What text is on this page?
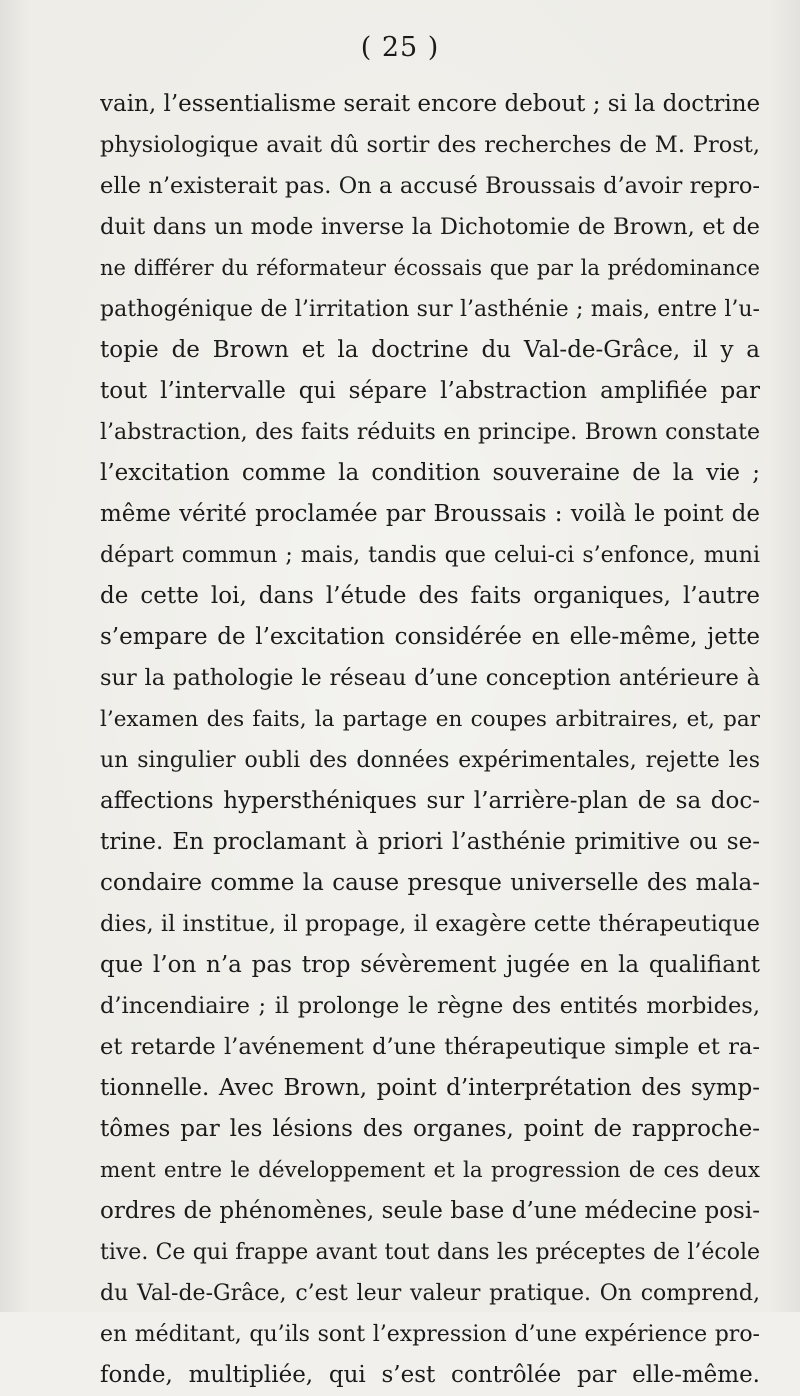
( 25 )
vain, l’essentialisme serait encore debout ; si la doctrine
physiologique avait dû sortir des recherches de M. Prost,
elle n’existerait pas. On a accusé Broussais d’avoir repro-
duit dans un mode inverse la Dichotomie de Brown, et de
ne différer du réformateur écossais que par la prédominance
pathogénique de l’irritation sur l’asthénie ; mais, entre l’u-
topie de Brown et la doctrine du Val-de-Grâce, il y a
tout l’intervalle qui sépare l’abstraction amplifiée par
l’abstraction, des faits réduits en principe. Brown constate
l’excitation comme la condition souveraine de la vie ;
même vérité proclamée par Broussais : voilà le point de
départ commun ; mais, tandis que celui-ci s’enfonce, muni
de cette loi, dans l’étude des faits organiques, l’autre
s’empare de l’excitation considérée en elle-même, jette
sur la pathologie le réseau d’une conception antérieure à
l’examen des faits, la partage en coupes arbitraires, et, par
un singulier oubli des données expérimentales, rejette les
affections hypersthéniques sur l’arrière-plan de sa doc-
trine. En proclamant à priori l’asthénie primitive ou se-
condaire comme la cause presque universelle des mala-
dies, il institue, il propage, il exagère cette thérapeutique
que l’on n’a pas trop sévèrement jugée en la qualifiant
d’incendiaire ; il prolonge le règne des entités morbides,
et retarde l’avénement d’une thérapeutique simple et ra-
tionnelle. Avec Brown, point d’interprétation des symp-
tômes par les lésions des organes, point de rapproche-
ment entre le développement et la progression de ces deux
ordres de phénomènes, seule base d’une médecine posi-
tive. Ce qui frappe avant tout dans les préceptes de l’école
du Val-de-Grâce, c’est leur valeur pratique. On comprend,
en méditant, qu’ils sont l’expression d’une expérience pro-
fonde, multipliée, qui s’est contrôlée par elle-même.
